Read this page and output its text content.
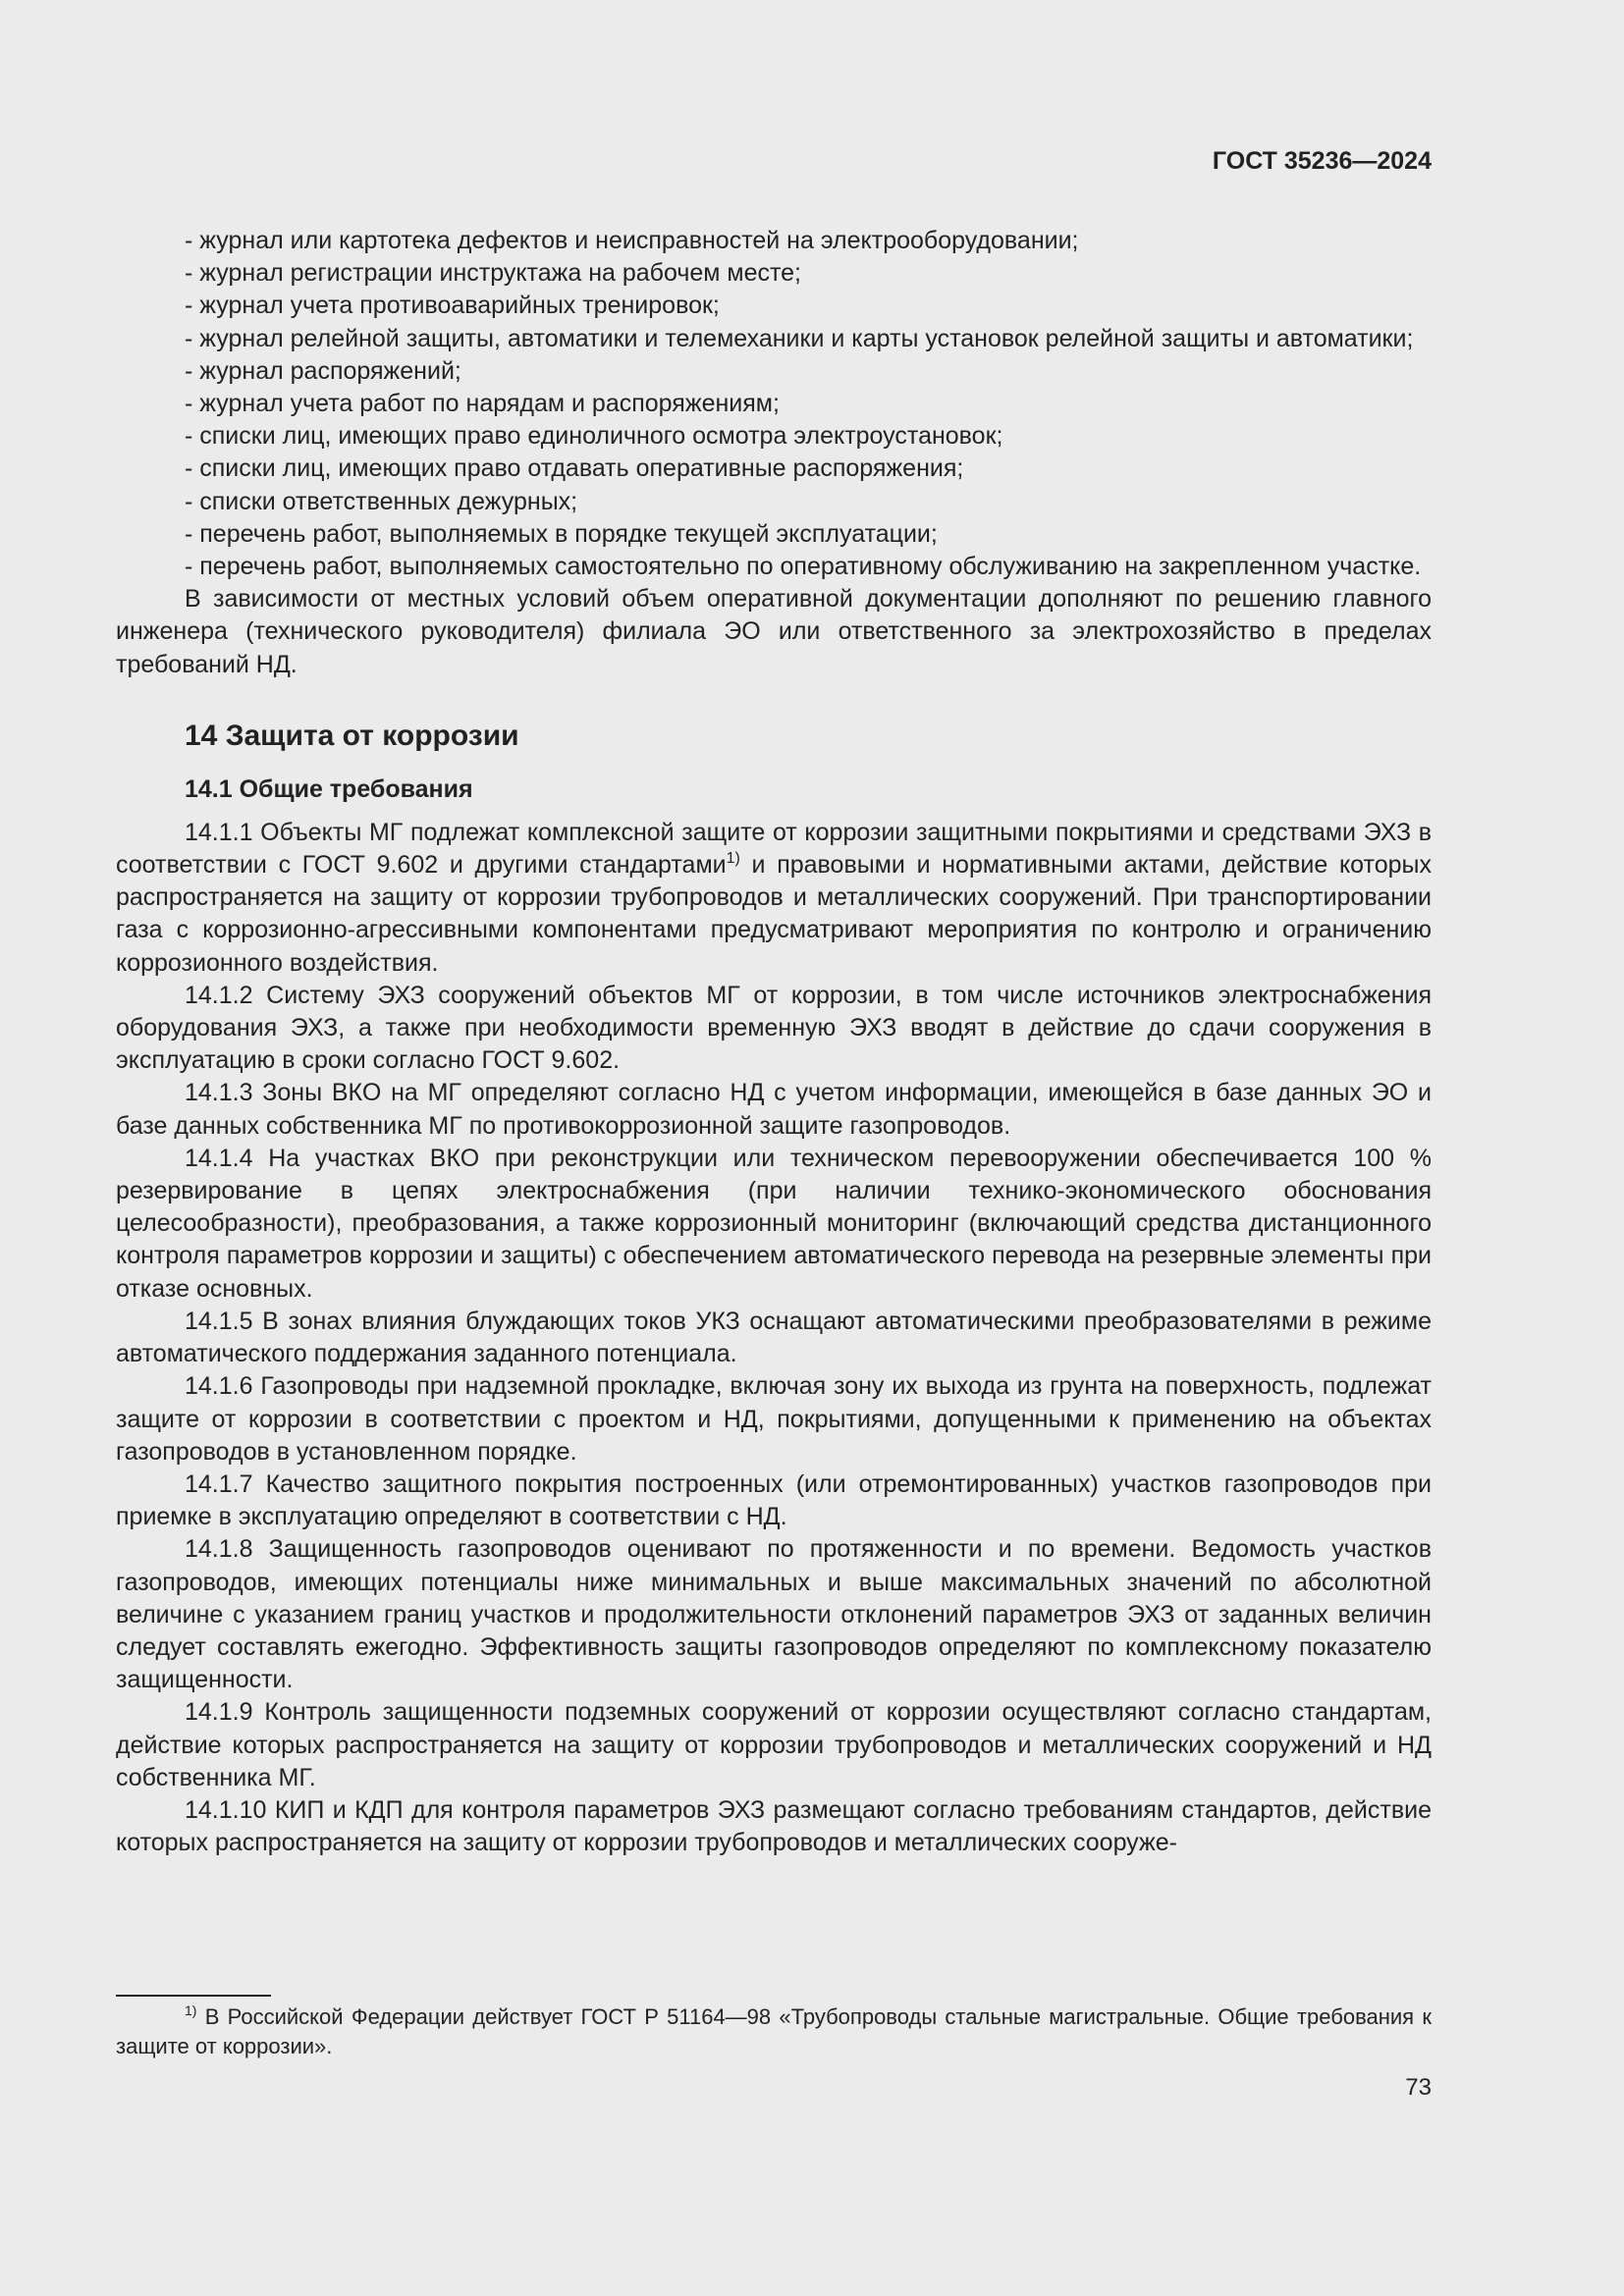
ГОСТ 35236—2024

- журнал или картотека дефектов и неисправностей на электрооборудовании;

- журнал регистрации инструктажа на рабочем месте;

- журнал учета противоаварийных тренировок;

- журнал релейной защиты, автоматики и телемеханики и карты установок релейной защиты и автоматики;

- журнал распоряжений;

- журнал учета работ по нарядам и распоряжениям;

- списки лиц, имеющих право единоличного осмотра электроустановок;

- списки лиц, имеющих право отдавать оперативные распоряжения;

- списки ответственных дежурных;

- перечень работ, выполняемых в порядке текущей эксплуатации;

- перечень работ, выполняемых самостоятельно по оперативному обслуживанию на закрепленном участке.

В зависимости от местных условий объем оперативной документации дополняют по решению главного инженера (технического руководителя) филиала ЭО или ответственного за электрохозяйство в пределах требований НД.

14 Защита от коррозии
14.1 Общие требования

14.1.1 Объекты МГ подлежат комплексной защите от коррозии защитными покрытиями и средствами ЭХЗ в соответствии с ГОСТ 9.602 и другими стандартами$^{1)}$ и правовыми и нормативными актами, действие которых распространяется на защиту от коррозии трубопроводов и металлических сооружений. При транспортировании газа с коррозионно-агрессивными компонентами предусматривают мероприятия по контролю и ограничению коррозионного воздействия.

14.1.2 Систему ЭХЗ сооружений объектов МГ от коррозии, в том числе источников электроснабжения оборудования ЭХЗ, а также при необходимости временную ЭХЗ вводят в действие до сдачи сооружения в эксплуатацию в сроки согласно ГОСТ 9.602.

14.1.3 Зоны ВКО на МГ определяют согласно НД с учетом информации, имеющейся в базе данных ЭО и базе данных собственника МГ по противокоррозионной защите газопроводов.

14.1.4 На участках ВКО при реконструкции или техническом перевооружении обеспечивается 100 % резервирование в цепях электроснабжения (при наличии технико-экономического обоснования целесообразности), преобразования, а также коррозионный мониторинг (включающий средства дистанционного контроля параметров коррозии и защиты) с обеспечением автоматического перевода на резервные элементы при отказе основных.

14.1.5 В зонах влияния блуждающих токов УКЗ оснащают автоматическими преобразователями в режиме автоматического поддержания заданного потенциала.

14.1.6 Газопроводы при надземной прокладке, включая зону их выхода из грунта на поверхность, подлежат защите от коррозии в соответствии с проектом и НД, покрытиями, допущенными к применению на объектах газопроводов в установленном порядке.

14.1.7 Качество защитного покрытия построенных (или отремонтированных) участков газопроводов при приемке в эксплуатацию определяют в соответствии с НД.

14.1.8 Защищенность газопроводов оценивают по протяженности и по времени. Ведомость участков газопроводов, имеющих потенциалы ниже минимальных и выше максимальных значений по абсолютной величине с указанием границ участков и продолжительности отклонений параметров ЭХЗ от заданных величин следует составлять ежегодно. Эффективность защиты газопроводов определяют по комплексному показателю защищенности.

14.1.9 Контроль защищенности подземных сооружений от коррозии осуществляют согласно стандартам, действие которых распространяется на защиту от коррозии трубопроводов и металлических сооружений и НД собственника МГ.

14.1.10 КИП и КДП для контроля параметров ЭХЗ размещают согласно требованиям стандартов, действие которых распространяется на защиту от коррозии трубопроводов и металлических сооруже-

$^{1)}$ В Российской Федерации действует ГОСТ Р 51164—98 «Трубопроводы стальные магистральные. Общие требования к защите от коррозии».
73
